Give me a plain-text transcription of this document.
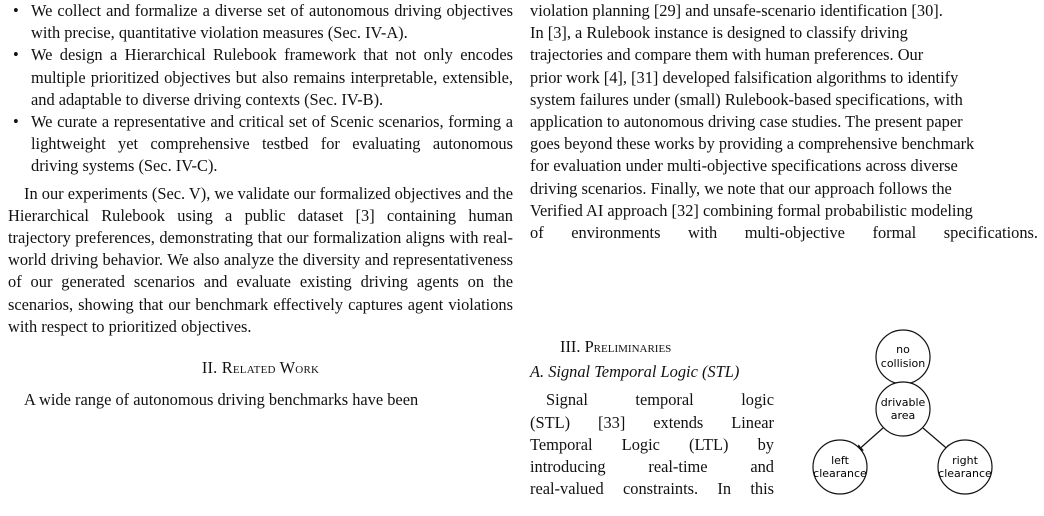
• We collect and formalize a diverse set of autonomous driving objectives with precise, quantitative violation measures (Sec. IV-A).
• We design a Hierarchical Rulebook framework that not only encodes multiple prioritized objectives but also remains interpretable, extensible, and adaptable to diverse driving contexts (Sec. IV-B).
• We curate a representative and critical set of Scenic scenarios, forming a lightweight yet comprehensive testbed for evaluating autonomous driving systems (Sec. IV-C).
In our experiments (Sec. V), we validate our formalized objectives and the Hierarchical Rulebook using a public dataset [3] containing human trajectory preferences, demonstrating that our formalization aligns with real-world driving behavior. We also analyze the diversity and representativeness of our generated scenarios and evaluate existing driving agents on the scenarios, showing that our benchmark effectively captures agent violations with respect to prioritized objectives.
II. Related Work
A wide range of autonomous driving benchmarks have been
violation planning [29] and unsafe-scenario identification [30].
In [3], a Rulebook instance is designed to classify driving
trajectories and compare them with human preferences. Our
prior work [4], [31] developed falsification algorithms to identify
system failures under (small) Rulebook-based specifications, with
application to autonomous driving case studies. The present paper
goes beyond these works by providing a comprehensive benchmark
for evaluation under multi-objective specifications across diverse
driving scenarios. Finally, we note that our approach follows the
Verified AI approach [32] combining formal probabilistic modeling
of environments with multi-objective formal specifications.
III. Preliminaries
A. Signal Temporal Logic (STL)
Signal temporal logic
(STL) [33] extends Linear
Temporal Logic (LTL) by
introducing real-time and
real-valued constraints. In this
no
collision
drivable
area
left
clearance
right
clearance
